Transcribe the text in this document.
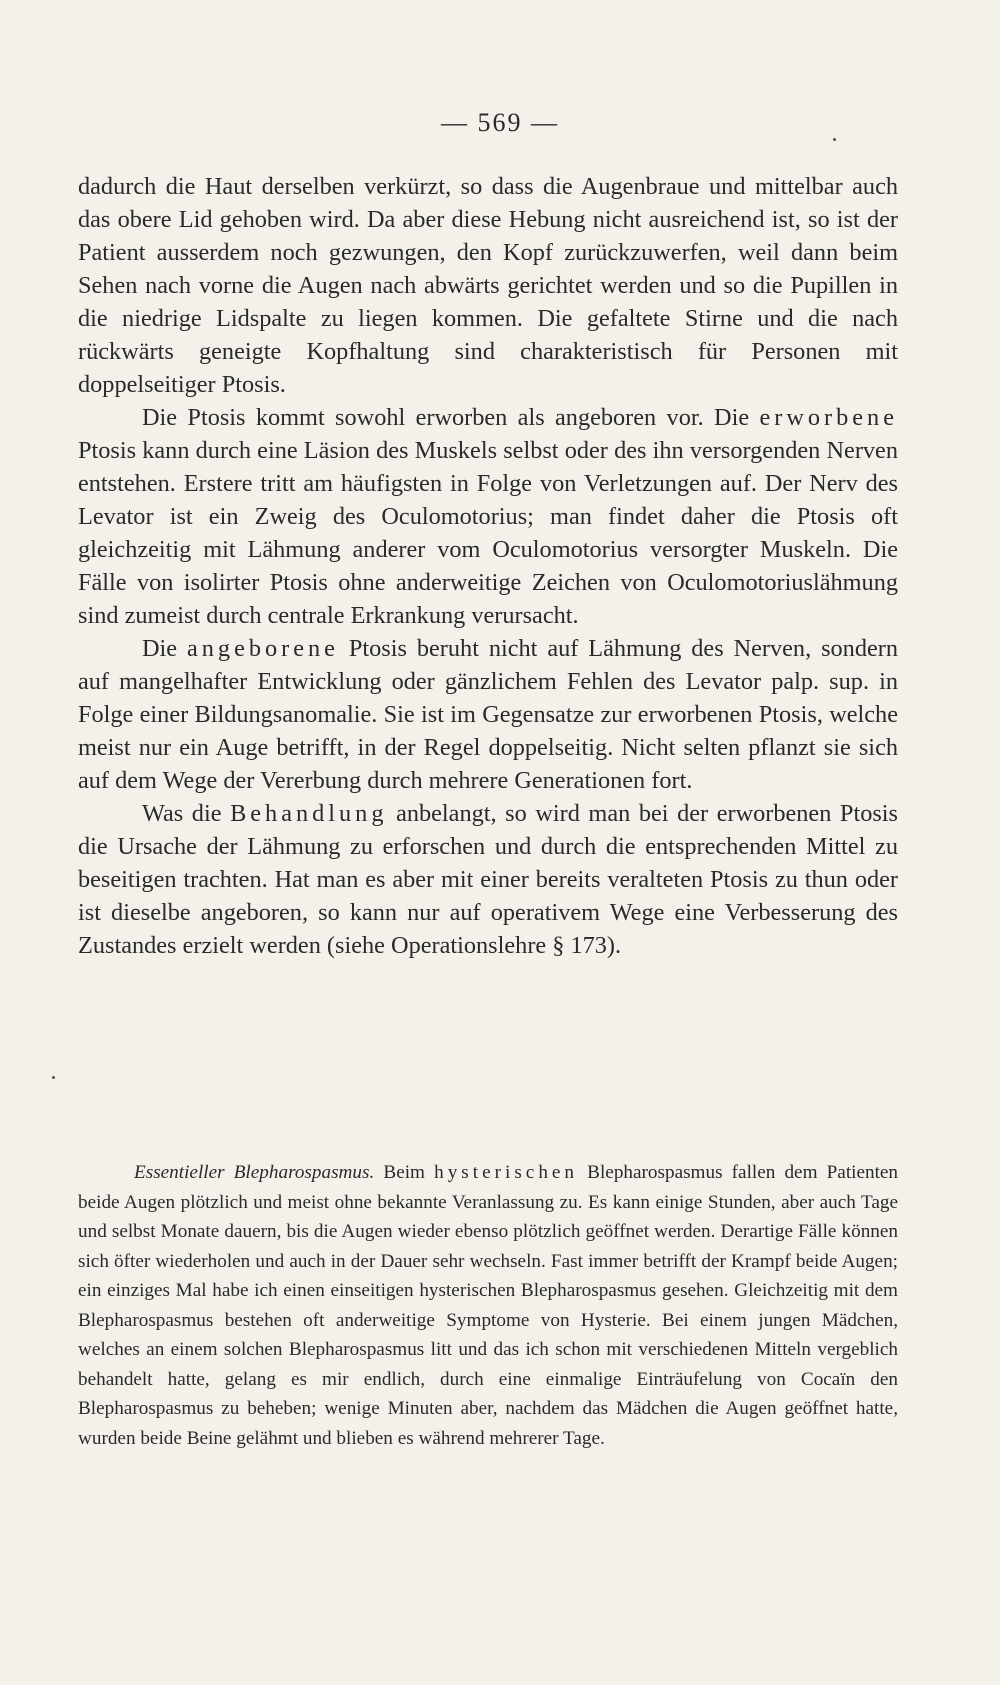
— 569 —

dadurch die Haut derselben verkürzt, so dass die Augenbraue und mittelbar auch das obere Lid gehoben wird. Da aber diese Hebung nicht ausreichend ist, so ist der Patient ausserdem noch gezwungen, den Kopf zurückzuwerfen, weil dann beim Sehen nach vorne die Augen nach abwärts gerichtet werden und so die Pupillen in die niedrige Lidspalte zu liegen kommen. Die gefaltete Stirne und die nach rückwärts geneigte Kopfhaltung sind charakteristisch für Personen mit doppelseitiger Ptosis.

Die Ptosis kommt sowohl erworben als angeboren vor. Die erworbene Ptosis kann durch eine Läsion des Muskels selbst oder des ihn versorgenden Nerven entstehen. Erstere tritt am häufigsten in Folge von Verletzungen auf. Der Nerv des Levator ist ein Zweig des Oculomotorius; man findet daher die Ptosis oft gleichzeitig mit Lähmung anderer vom Oculomotorius versorgter Muskeln. Die Fälle von isolirter Ptosis ohne anderweitige Zeichen von Oculomotoriuslähmung sind zumeist durch centrale Erkrankung verursacht.

Die angeborene Ptosis beruht nicht auf Lähmung des Nerven, sondern auf mangelhafter Entwicklung oder gänzlichem Fehlen des Levator palp. sup. in Folge einer Bildungsanomalie. Sie ist im Gegensatze zur erworbenen Ptosis, welche meist nur ein Auge betrifft, in der Regel doppelseitig. Nicht selten pflanzt sie sich auf dem Wege der Vererbung durch mehrere Generationen fort.

Was die Behandlung anbelangt, so wird man bei der erworbenen Ptosis die Ursache der Lähmung zu erforschen und durch die entsprechenden Mittel zu beseitigen trachten. Hat man es aber mit einer bereits veralteten Ptosis zu thun oder ist dieselbe angeboren, so kann nur auf operativem Wege eine Verbesserung des Zustandes erzielt werden (siehe Operationslehre § 173).

Essentieller Blepharospasmus. Beim hysterischen Blepharospasmus fallen dem Patienten beide Augen plötzlich und meist ohne bekannte Veranlassung zu. Es kann einige Stunden, aber auch Tage und selbst Monate dauern, bis die Augen wieder ebenso plötzlich geöffnet werden. Derartige Fälle können sich öfter wiederholen und auch in der Dauer sehr wechseln. Fast immer betrifft der Krampf beide Augen; ein einziges Mal habe ich einen einseitigen hysterischen Blepharospasmus gesehen. Gleichzeitig mit dem Blepharospasmus bestehen oft anderweitige Symptome von Hysterie. Bei einem jungen Mädchen, welches an einem solchen Blepharospasmus litt und das ich schon mit verschiedenen Mitteln vergeblich behandelt hatte, gelang es mir endlich, durch eine einmalige Einträufelung von Cocaïn den Blepharospasmus zu beheben; wenige Minuten aber, nachdem das Mädchen die Augen geöffnet hatte, wurden beide Beine gelähmt und blieben es während mehrerer Tage.
